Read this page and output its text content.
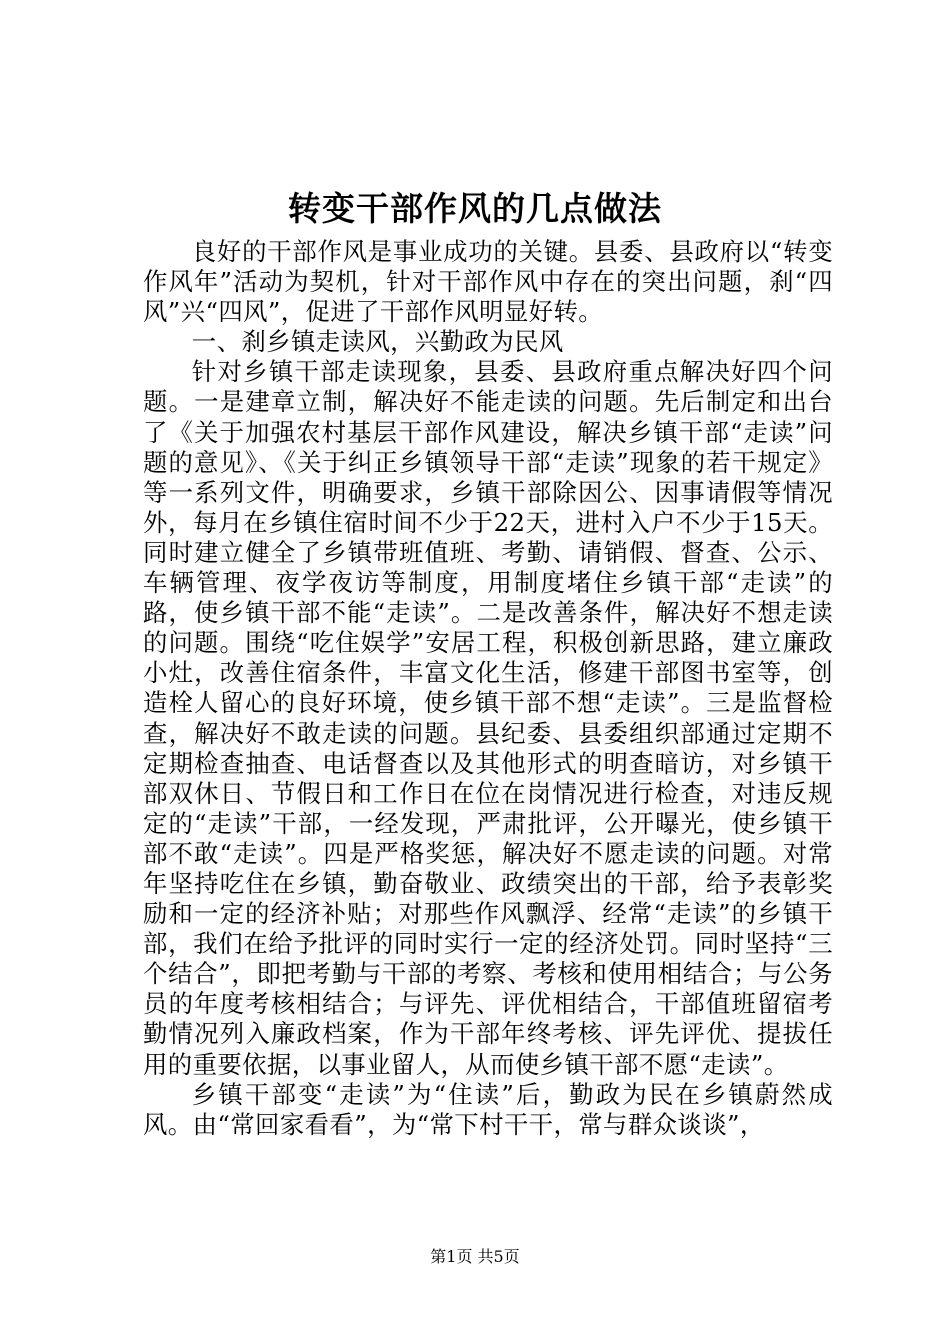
转变干部作风的几点做法

良好的干部作风是事业成功的关键。县委、县政府以“转变作风年”活动为契机，针对干部作风中存在的突出问题，刹“四风”兴“四风”，促进了干部作风明显好转。

一、刹乡镇走读风，兴勤政为民风

针对乡镇干部走读现象，县委、县政府重点解决好四个问题。一是建章立制，解决好不能走读的问题。先后制定和出台了《关于加强农村基层干部作风建设，解决乡镇干部“走读”问题的意见》、《关于纠正乡镇领导干部“走读”现象的若干规定》等一系列文件，明确要求，乡镇干部除因公、因事请假等情况外，每月在乡镇住宿时间不少于22天，进村入户不少于15天。同时建立健全了乡镇带班值班、考勤、请销假、督查、公示、车辆管理、夜学夜访等制度，用制度堵住乡镇干部“走读”的路，使乡镇干部不能“走读”。二是改善条件，解决好不想走读的问题。围绕“吃住娱学”安居工程，积极创新思路，建立廉政小灶，改善住宿条件，丰富文化生活，修建干部图书室等，创造栓人留心的良好环境，使乡镇干部不想“走读”。三是监督检查，解决好不敢走读的问题。县纪委、县委组织部通过定期不定期检查抽查、电话督查以及其他形式的明查暗访，对乡镇干部双休日、节假日和工作日在位在岗情况进行检查，对违反规定的“走读”干部，一经发现，严肃批评，公开曝光，使乡镇干部不敢“走读”。四是严格奖惩，解决好不愿走读的问题。对常年坚持吃住在乡镇，勤奋敬业、政绩突出的干部，给予表彰奖励和一定的经济补贴；对那些作风飘浮、经常“走读”的乡镇干部，我们在给予批评的同时实行一定的经济处罚。同时坚持“三个结合”，即把考勤与干部的考察、考核和使用相结合；与公务员的年度考核相结合；与评先、评优相结合，干部值班留宿考勤情况列入廉政档案，作为干部年终考核、评先评优、提拔任用的重要依据，以事业留人，从而使乡镇干部不愿“走读”。

乡镇干部变“走读”为“住读”后，勤政为民在乡镇蔚然成风。由“常回家看看”，为“常下村干干，常与群众谈谈”，

第1页 共5页
